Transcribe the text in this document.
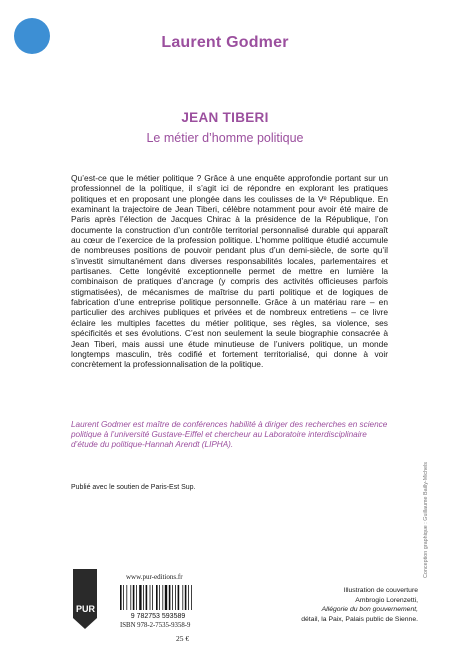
Laurent Godmer
JEAN TIBERI
Le métier d’homme politique

Qu’est-ce que le métier politique ? Grâce à une enquête approfondie portant sur un professionnel de la politique, il s’agit ici de répondre en explorant les pratiques politiques et en proposant une plongée dans les coulisses de la Vᵉ République. En examinant la trajectoire de Jean Tiberi, célèbre notamment pour avoir été maire de Paris après l’élection de Jacques Chirac à la présidence de la République, l’on documente la construction d’un contrôle territorial personnalisé durable qui apparaît au cœur de l’exercice de la profession politique. L’homme politique étudié accumule de nombreuses positions de pouvoir pendant plus d’un demi-siècle, de sorte qu’il s’investit simultanément dans diverses responsabilités locales, parlementaires et partisanes. Cette longévité exceptionnelle permet de mettre en lumière la combinaison de pratiques d’ancrage (y compris des activités officieuses parfois stigmatisées), de mécanismes de maîtrise du parti politique et de logiques de fabrication d’une entreprise politique personnelle. Grâce à un matériau rare – en particulier des archives publiques et privées et de nombreux entretiens – ce livre éclaire les multiples facettes du métier politique, ses règles, sa violence, ses spécificités et ses évolutions. C’est non seulement la seule biographie consacrée à Jean Tiberi, mais aussi une étude minutieuse de l’univers politique, un monde longtemps masculin, très codifié et fortement territorialisé, qui donne à voir concrètement la professionnalisation de la politique.

Laurent Godmer est maître de conférences habilité à diriger des recherches en science politique à l’université Gustave-Eiffel et chercheur au Laboratoire interdisciplinaire d’étude du politique-Hannah Arendt (LIPHA).

Publié avec le soutien de Paris-Est Sup.	Conception graphique : Guillaume Bailly-Michels
PUR
www.pur-editions.fr
9 782753 593589
ISBN 978-2-7535-9358-9
25 €
Illustration de couverture
Ambrogio Lorenzetti,
Allégorie du bon gouvernement,
détail, la Paix, Palais public de Sienne.
